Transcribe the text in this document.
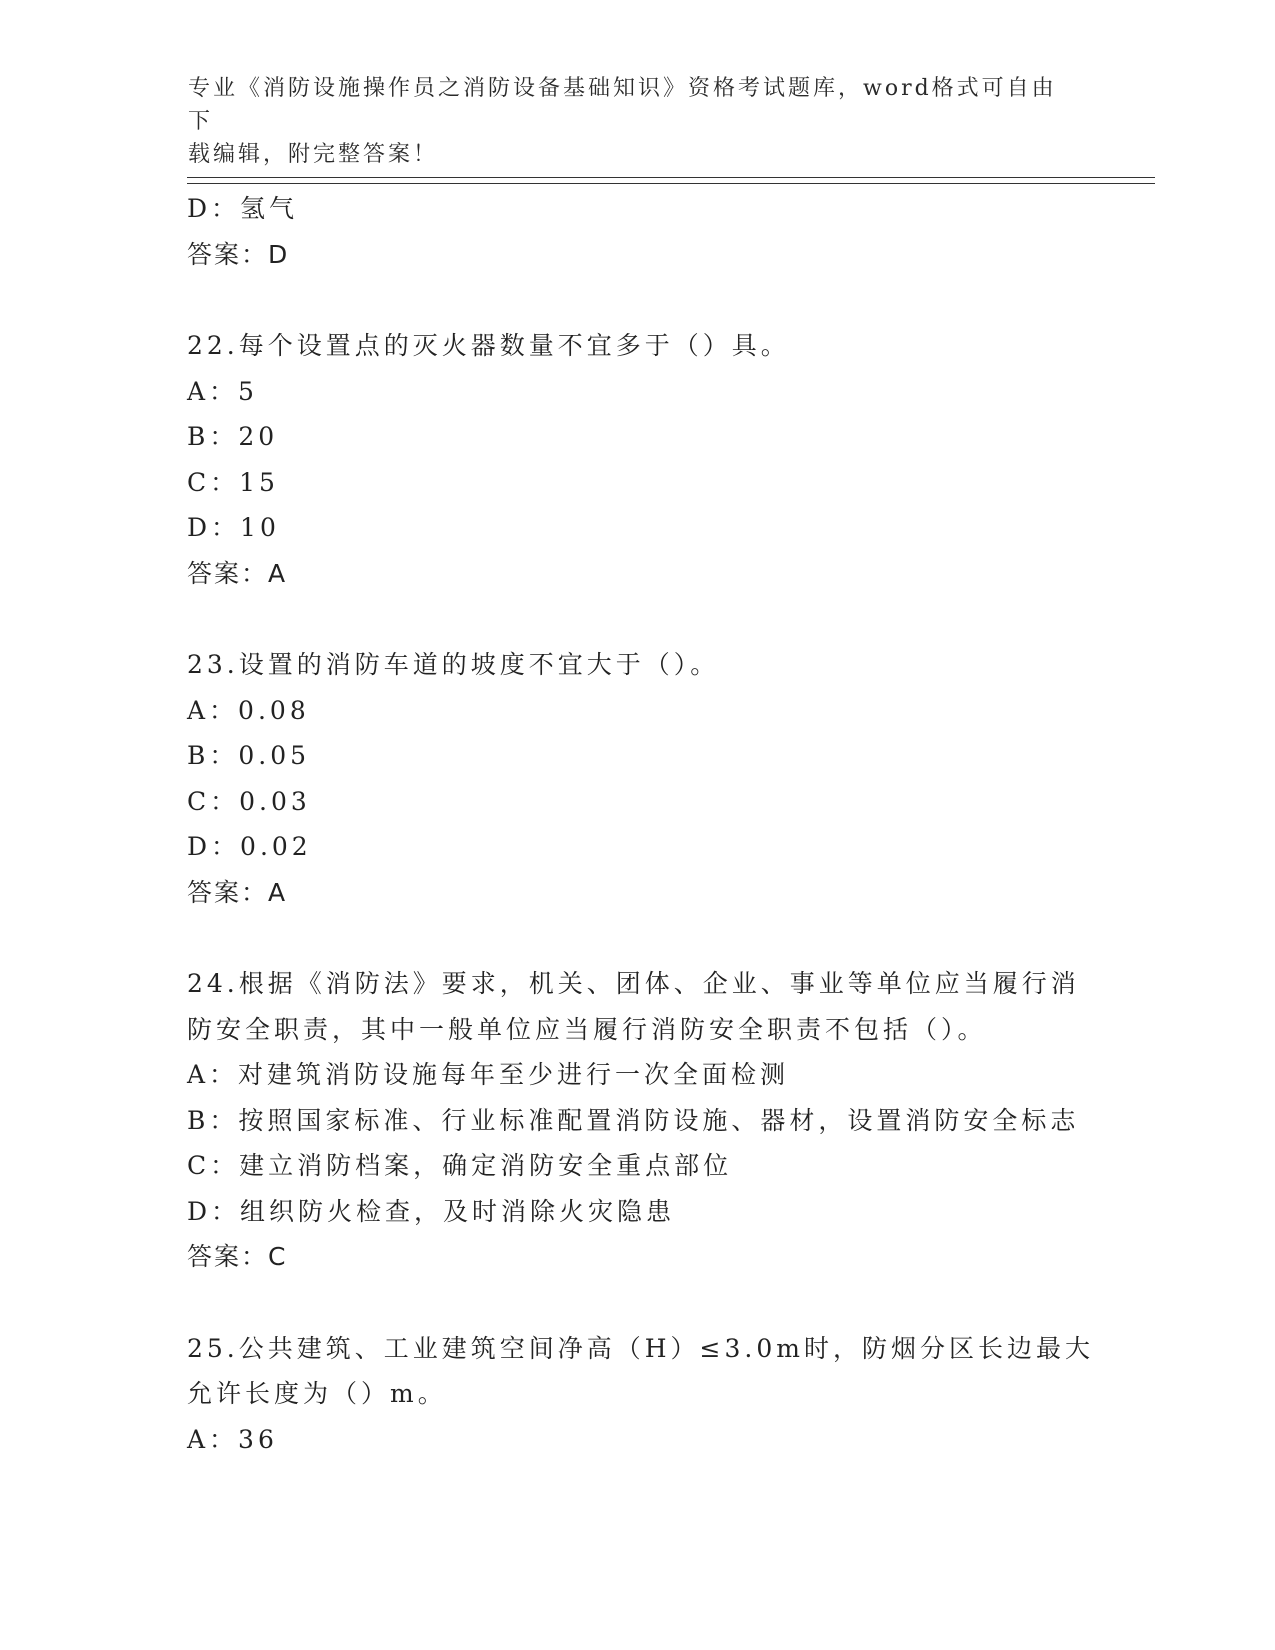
专业《消防设施操作员之消防设备基础知识》资格考试题库，word格式可自由下
载编辑，附完整答案！
D：氢气
答案：D
22.每个设置点的灭火器数量不宜多于（）具。
A：5
B：20
C：15
D：10
答案：A
23.设置的消防车道的坡度不宜大于（）。
A：0.08
B：0.05
C：0.03
D：0.02
答案：A
24.根据《消防法》要求，机关、团体、企业、事业等单位应当履行消
防安全职责，其中一般单位应当履行消防安全职责不包括（）。
A：对建筑消防设施每年至少进行一次全面检测
B：按照国家标准、行业标准配置消防设施、器材，设置消防安全标志
C：建立消防档案，确定消防安全重点部位
D：组织防火检查，及时消除火灾隐患
答案：C
25.公共建筑、工业建筑空间净高（H）≤3.0m时，防烟分区长边最大
允许长度为（）m。
A：36
